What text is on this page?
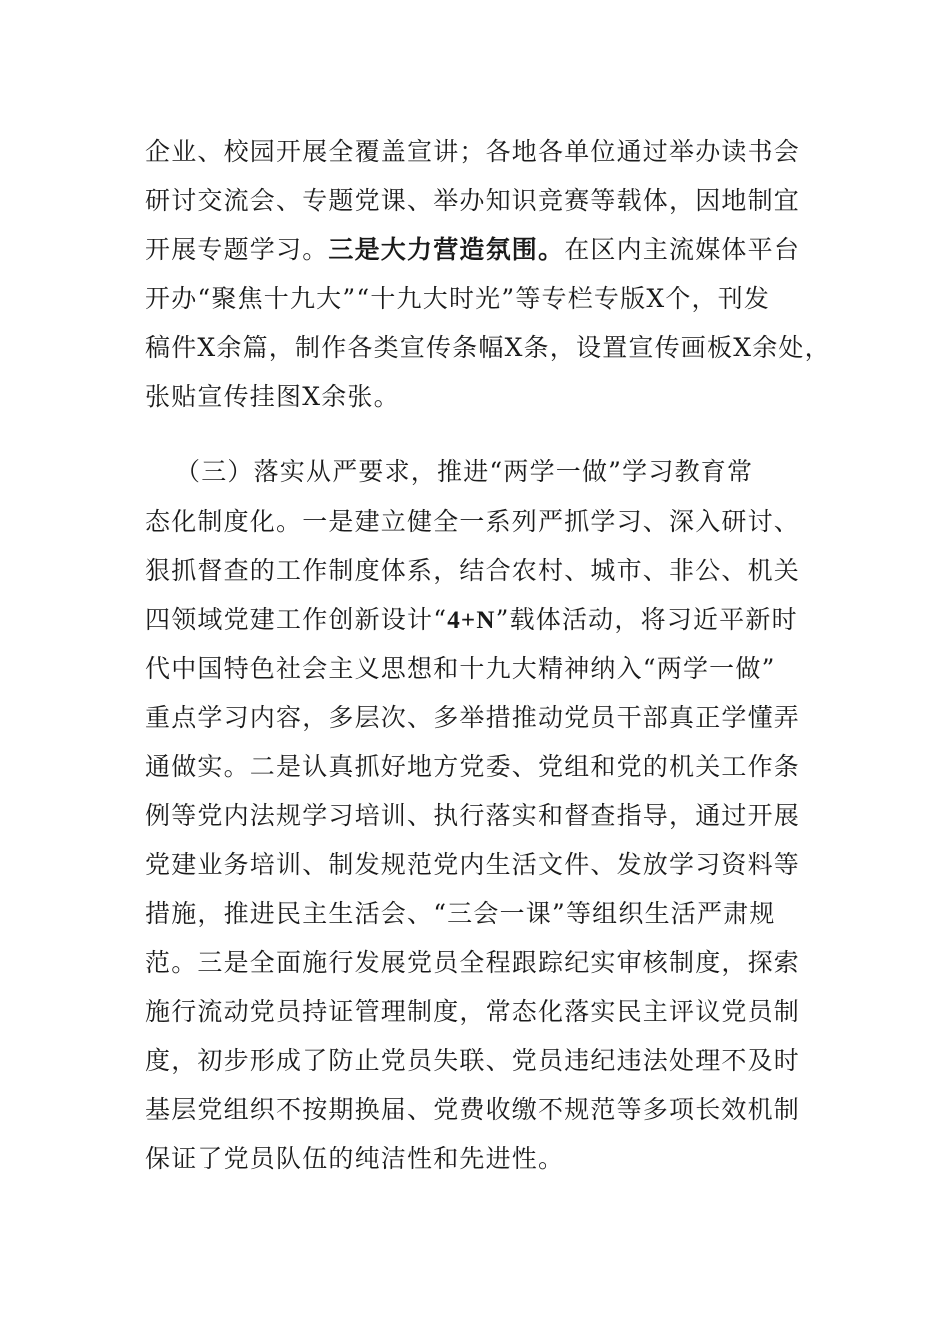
企业、校园开展全覆盖宣讲；各地各单位通过举办读书会
研讨交流会、专题党课、举办知识竞赛等载体，因地制宜
开展专题学习。三是大力营造氛围。在区内主流媒体平台
开办“聚焦十九大”“十九大时光”等专栏专版X个，刊发
稿件X余篇，制作各类宣传条幅X条，设置宣传画板X余处，
张贴宣传挂图X余张。
（三）落实从严要求，推进“两学一做”学习教育常
态化制度化。一是建立健全一系列严抓学习、深入研讨、
狠抓督查的工作制度体系，结合农村、城市、非公、机关
四领域党建工作创新设计“4+N”载体活动，将习近平新时
代中国特色社会主义思想和十九大精神纳入“两学一做”
重点学习内容，多层次、多举措推动党员干部真正学懂弄
通做实。二是认真抓好地方党委、党组和党的机关工作条
例等党内法规学习培训、执行落实和督查指导，通过开展
党建业务培训、制发规范党内生活文件、发放学习资料等
措施，推进民主生活会、“三会一课”等组织生活严肃规
范。三是全面施行发展党员全程跟踪纪实审核制度，探索
施行流动党员持证管理制度，常态化落实民主评议党员制
度，初步形成了防止党员失联、党员违纪违法处理不及时
基层党组织不按期换届、党费收缴不规范等多项长效机制
保证了党员队伍的纯洁性和先进性。
